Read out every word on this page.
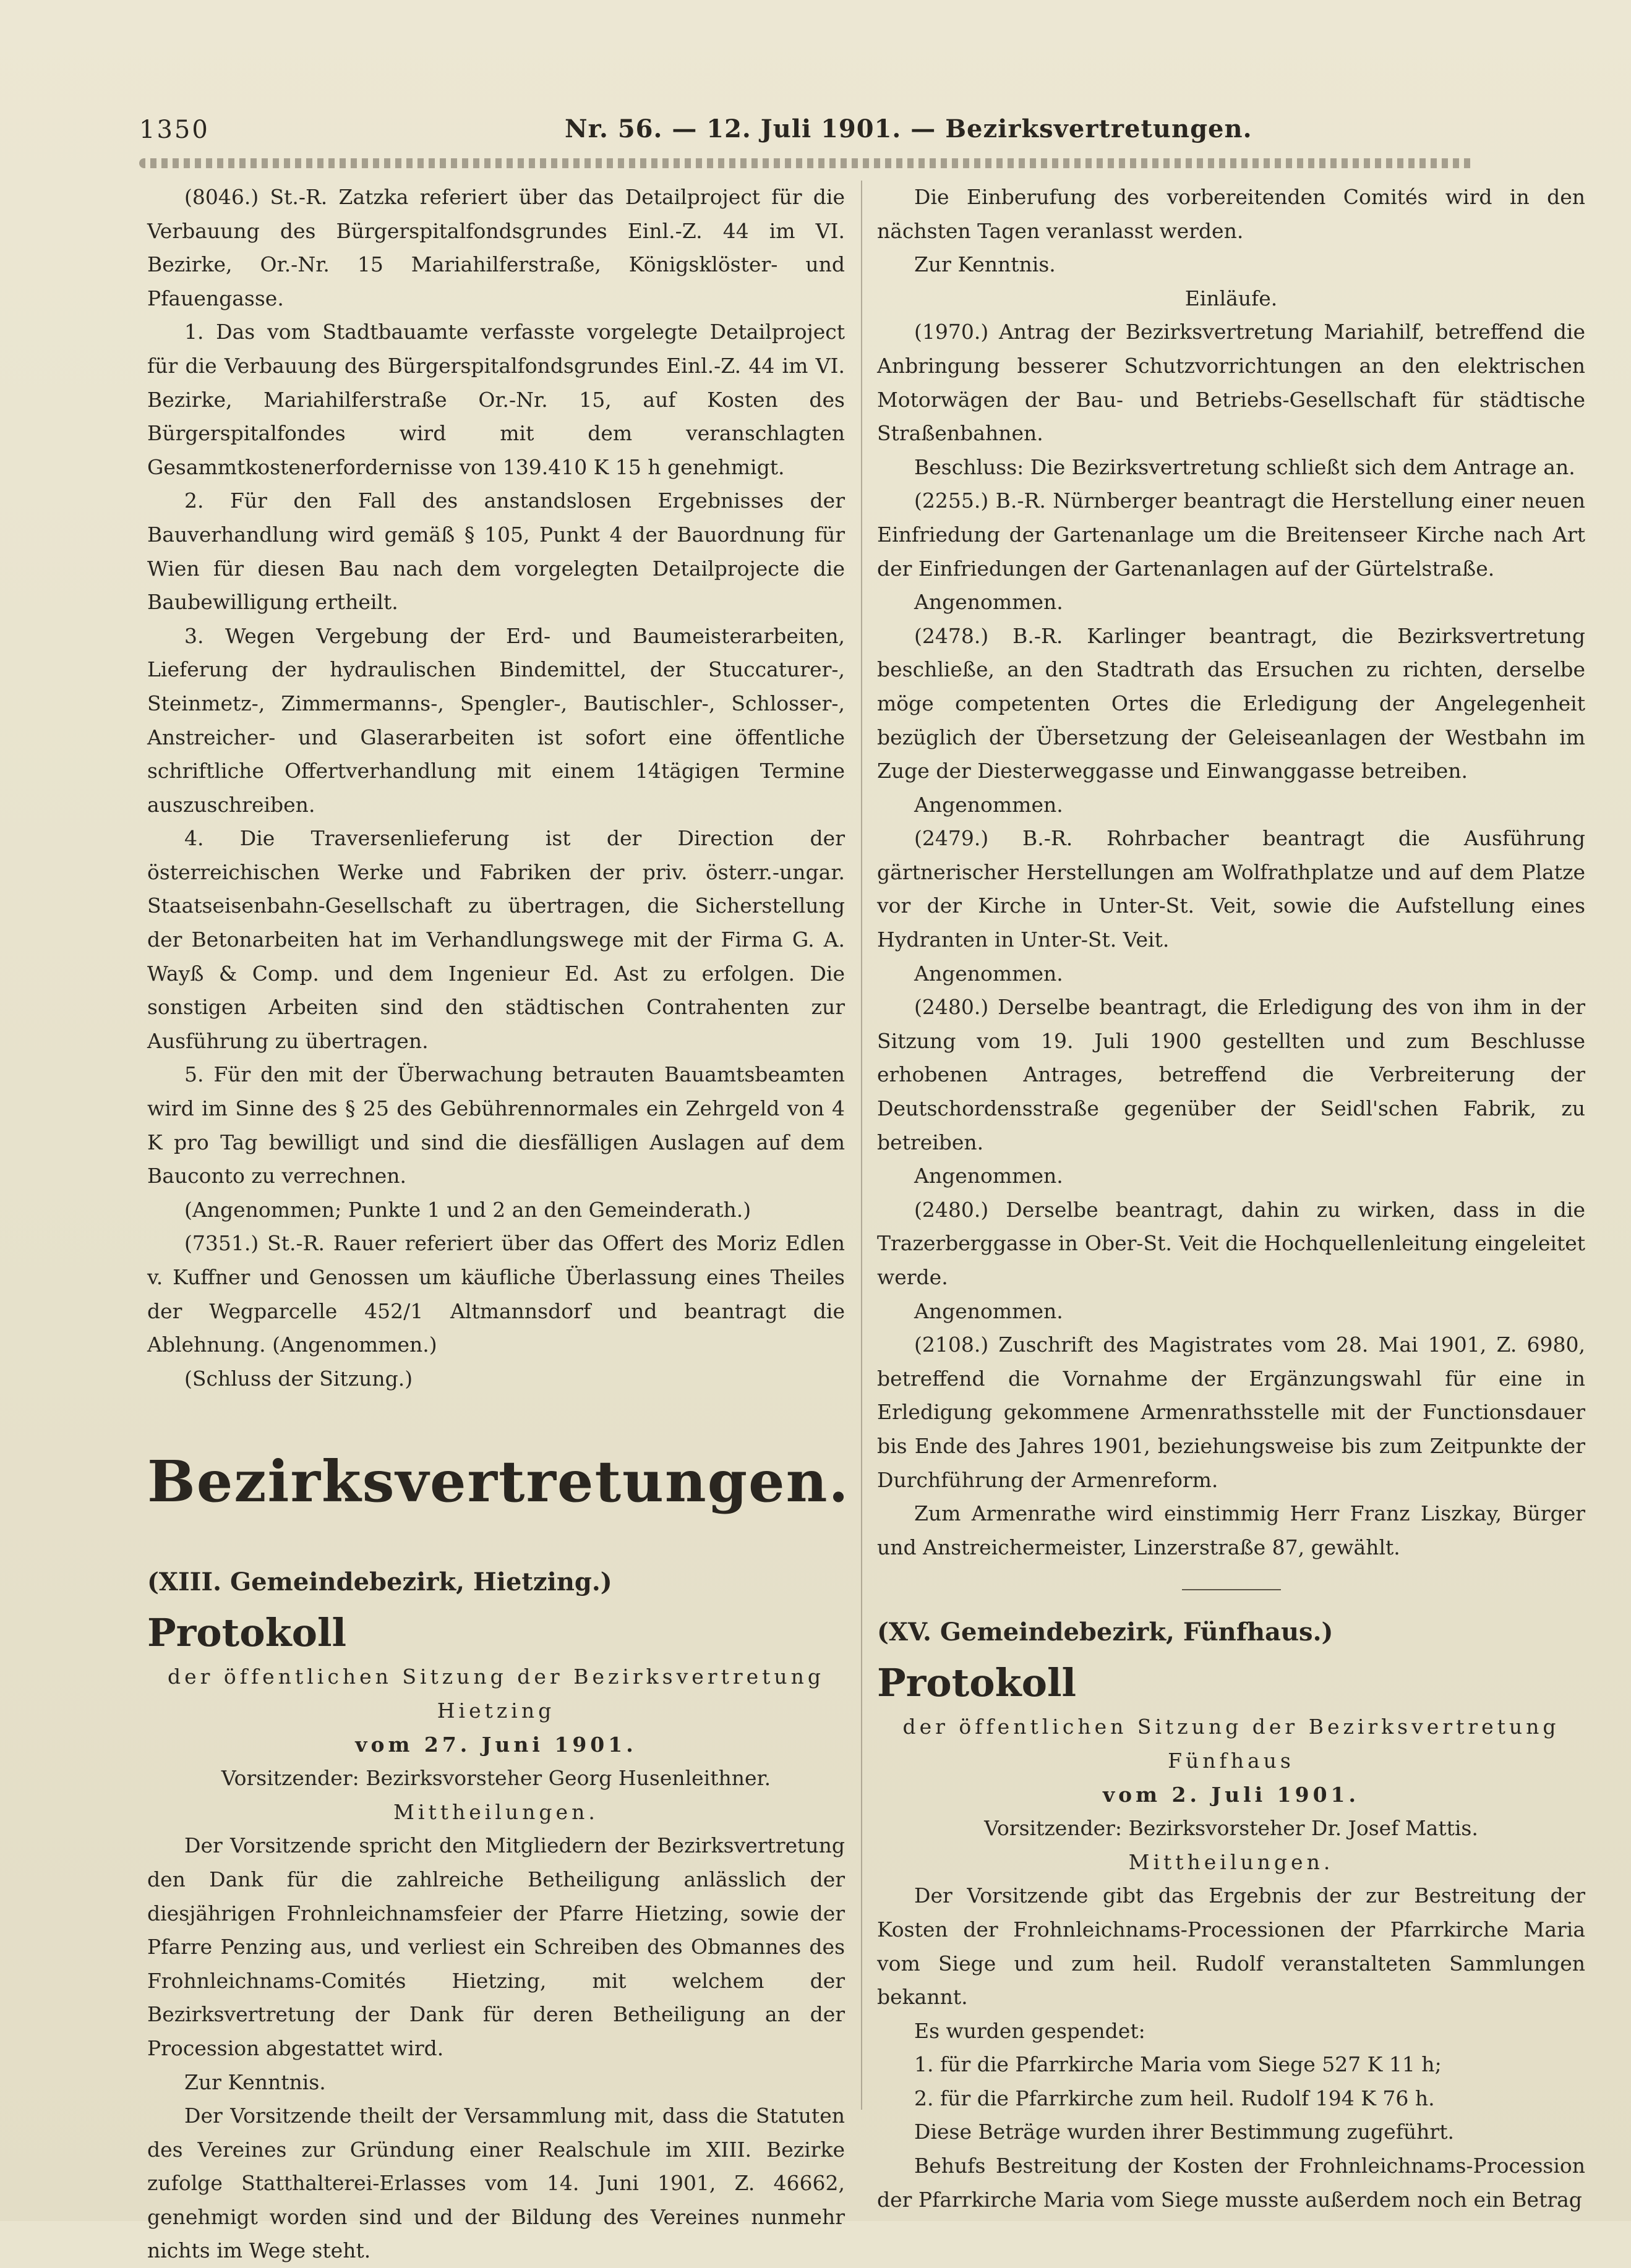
1350	Nr. 56. — 12. Juli 1901. — Bezirksvertretungen.

(8046.) St.-R. Zatzka referiert über das Detailproject für die Verbauung des Bürgerspitalfondsgrundes Einl.-Z. 44 im VI. Bezirke, Or.-Nr. 15 Mariahilferstraße, Königsklöster- und Pfauengasse.

1. Das vom Stadtbauamte verfasste vorgelegte Detailproject für die Verbauung des Bürgerspitalfondsgrundes Einl.-Z. 44 im VI. Bezirke, Mariahilferstraße Or.-Nr. 15, auf Kosten des Bürgerspitalfondes wird mit dem veranschlagten Gesammtkostenerfordernisse von 139.410 K 15 h genehmigt.

2. Für den Fall des anstandslosen Ergebnisses der Bauverhandlung wird gemäß § 105, Punkt 4 der Bauordnung für Wien für diesen Bau nach dem vorgelegten Detailprojecte die Baubewilligung ertheilt.

3. Wegen Vergebung der Erd- und Baumeisterarbeiten, Lieferung der hydraulischen Bindemittel, der Stuccaturer-, Steinmetz-, Zimmermanns-, Spengler-, Bautischler-, Schlosser-, Anstreicher- und Glaserarbeiten ist sofort eine öffentliche schriftliche Offertverhandlung mit einem 14tägigen Termine auszuschreiben.

4. Die Traversenlieferung ist der Direction der österreichischen Werke und Fabriken der priv. österr.-ungar. Staatseisenbahn-Gesellschaft zu übertragen, die Sicherstellung der Betonarbeiten hat im Verhandlungswege mit der Firma G. A. Wayß & Comp. und dem Ingenieur Ed. Ast zu erfolgen. Die sonstigen Arbeiten sind den städtischen Contrahenten zur Ausführung zu übertragen.

5. Für den mit der Überwachung betrauten Bauamtsbeamten wird im Sinne des § 25 des Gebührennormales ein Zehrgeld von 4 K pro Tag bewilligt und sind die diesfälligen Auslagen auf dem Bauconto zu verrechnen.

(Angenommen; Punkte 1 und 2 an den Gemeinderath.)

(7351.) St.-R. Rauer referiert über das Offert des Moriz Edlen v. Kuffner und Genossen um käufliche Überlassung eines Theiles der Wegparcelle 452/1 Altmannsdorf und beantragt die Ablehnung. (Angenommen.)

(Schluss der Sitzung.)

Bezirksvertretungen.

(XIII. Gemeindebezirk, Hietzing.)

Protokoll

der öffentlichen Sitzung der Bezirksvertretung Hietzing

vom 27. Juni 1901.

Vorsitzender: Bezirksvorsteher Georg Husenleithner.

Mittheilungen.

Der Vorsitzende spricht den Mitgliedern der Bezirksvertretung den Dank für die zahlreiche Betheiligung anlässlich der diesjährigen Frohnleichnamsfeier der Pfarre Hietzing, sowie der Pfarre Penzing aus, und verliest ein Schreiben des Obmannes des Frohnleichnams-Comités Hietzing, mit welchem der Bezirksvertretung der Dank für deren Betheiligung an der Procession abgestattet wird.

Zur Kenntnis.

Der Vorsitzende theilt der Versammlung mit, dass die Statuten des Vereines zur Gründung einer Realschule im XIII. Bezirke zufolge Statthalterei-Erlasses vom 14. Juni 1901, Z. 46662, genehmigt worden sind und der Bildung des Vereines nunmehr nichts im Wege steht.

Die Einberufung des vorbereitenden Comités wird in den nächsten Tagen veranlasst werden.

Zur Kenntnis.

Einläufe.

(1970.) Antrag der Bezirksvertretung Mariahilf, betreffend die Anbringung besserer Schutzvorrichtungen an den elektrischen Motorwägen der Bau- und Betriebs-Gesellschaft für städtische Straßenbahnen.

Beschluss: Die Bezirksvertretung schließt sich dem Antrage an.

(2255.) B.-R. Nürnberger beantragt die Herstellung einer neuen Einfriedung der Gartenanlage um die Breitenseer Kirche nach Art der Einfriedungen der Gartenanlagen auf der Gürtelstraße.

Angenommen.

(2478.) B.-R. Karlinger beantragt, die Bezirksvertretung beschließe, an den Stadtrath das Ersuchen zu richten, derselbe möge competenten Ortes die Erledigung der Angelegenheit bezüglich der Übersetzung der Geleiseanlagen der Westbahn im Zuge der Diesterweggasse und Einwanggasse betreiben.

Angenommen.

(2479.) B.-R. Rohrbacher beantragt die Ausführung gärtnerischer Herstellungen am Wolfrathplatze und auf dem Platze vor der Kirche in Unter-St. Veit, sowie die Aufstellung eines Hydranten in Unter-St. Veit.

Angenommen.

(2480.) Derselbe beantragt, die Erledigung des von ihm in der Sitzung vom 19. Juli 1900 gestellten und zum Beschlusse erhobenen Antrages, betreffend die Verbreiterung der Deutschordensstraße gegenüber der Seidl'schen Fabrik, zu betreiben.

Angenommen.

(2480.) Derselbe beantragt, dahin zu wirken, dass in die Trazerberggasse in Ober-St. Veit die Hochquellenleitung eingeleitet werde.

Angenommen.

(2108.) Zuschrift des Magistrates vom 28. Mai 1901, Z. 6980, betreffend die Vornahme der Ergänzungswahl für eine in Erledigung gekommene Armenrathsstelle mit der Functionsdauer bis Ende des Jahres 1901, beziehungsweise bis zum Zeitpunkte der Durchführung der Armenreform.

Zum Armenrathe wird einstimmig Herr Franz Liszkay, Bürger und Anstreichermeister, Linzerstraße 87, gewählt.

(XV. Gemeindebezirk, Fünfhaus.)

Protokoll

der öffentlichen Sitzung der Bezirksvertretung Fünfhaus

vom 2. Juli 1901.

Vorsitzender: Bezirksvorsteher Dr. Josef Mattis.

Mittheilungen.

Der Vorsitzende gibt das Ergebnis der zur Bestreitung der Kosten der Frohnleichnams-Processionen der Pfarrkirche Maria vom Siege und zum heil. Rudolf veranstalteten Sammlungen bekannt.

Es wurden gespendet:

1. für die Pfarrkirche Maria vom Siege 527 K 11 h;

2. für die Pfarrkirche zum heil. Rudolf 194 K 76 h.

Diese Beträge wurden ihrer Bestimmung zugeführt.

Behufs Bestreitung der Kosten der Frohnleichnams-Procession der Pfarrkirche Maria vom Siege musste außerdem noch ein Betrag
